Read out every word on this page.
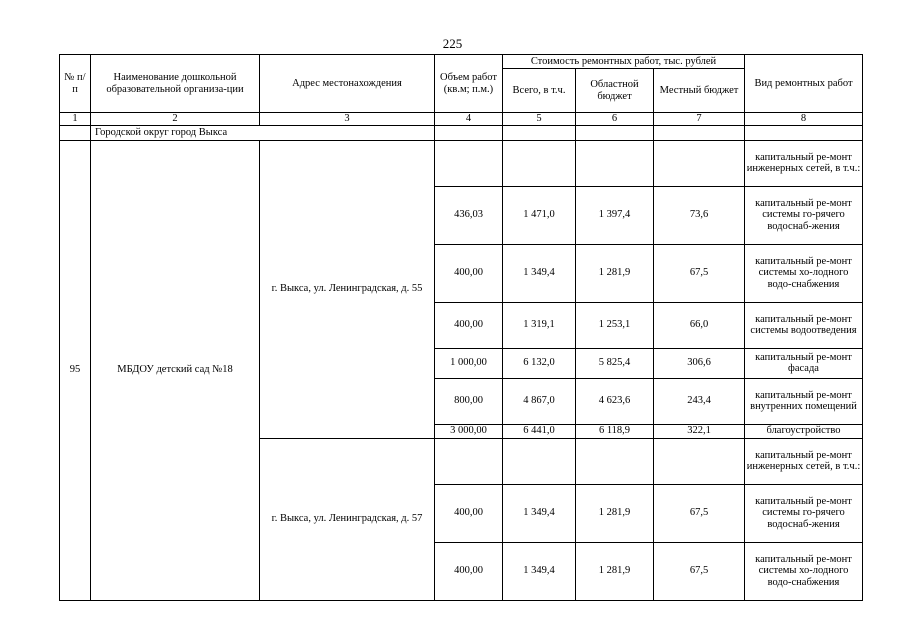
225
№ п/п	Наименование дошкольной образовательной организа-ции	Адрес местонахождения	Объем работ (кв.м; п.м.)	Стоимость ремонтных работ, тыс. рублей			Вид ремонтных работ
				Всего, в т.ч.	Областной бюджет	Местный бюджет	
1	2	3	4	5	6	7	8
	Городской округ город Выкса						
95	МБДОУ детский сад №18	г. Выкса, ул. Ленинградская, д. 55					капитальный ре-монт инженерных сетей, в т.ч.:
			436,03	1 471,0	1 397,4	73,6	капитальный ре-монт системы го-рячего водоснаб-жения
			400,00	1 349,4	1 281,9	67,5	капитальный ре-монт системы хо-лодного водо-снабжения
			400,00	1 319,1	1 253,1	66,0	капитальный ре-монт системы водоотведения
			1 000,00	6 132,0	5 825,4	306,6	капитальный ре-монт фасада
			800,00	4 867,0	4 623,6	243,4	капитальный ре-монт внутренних помещений
			3 000,00	6 441,0	6 118,9	322,1	благоустройство
		г. Выкса, ул. Ленинградская, д. 57					капитальный ре-монт инженерных сетей, в т.ч.:
			400,00	1 349,4	1 281,9	67,5	капитальный ре-монт системы го-рячего водоснаб-жения
			400,00	1 349,4	1 281,9	67,5	капитальный ре-монт системы хо-лодного водо-снабжения
